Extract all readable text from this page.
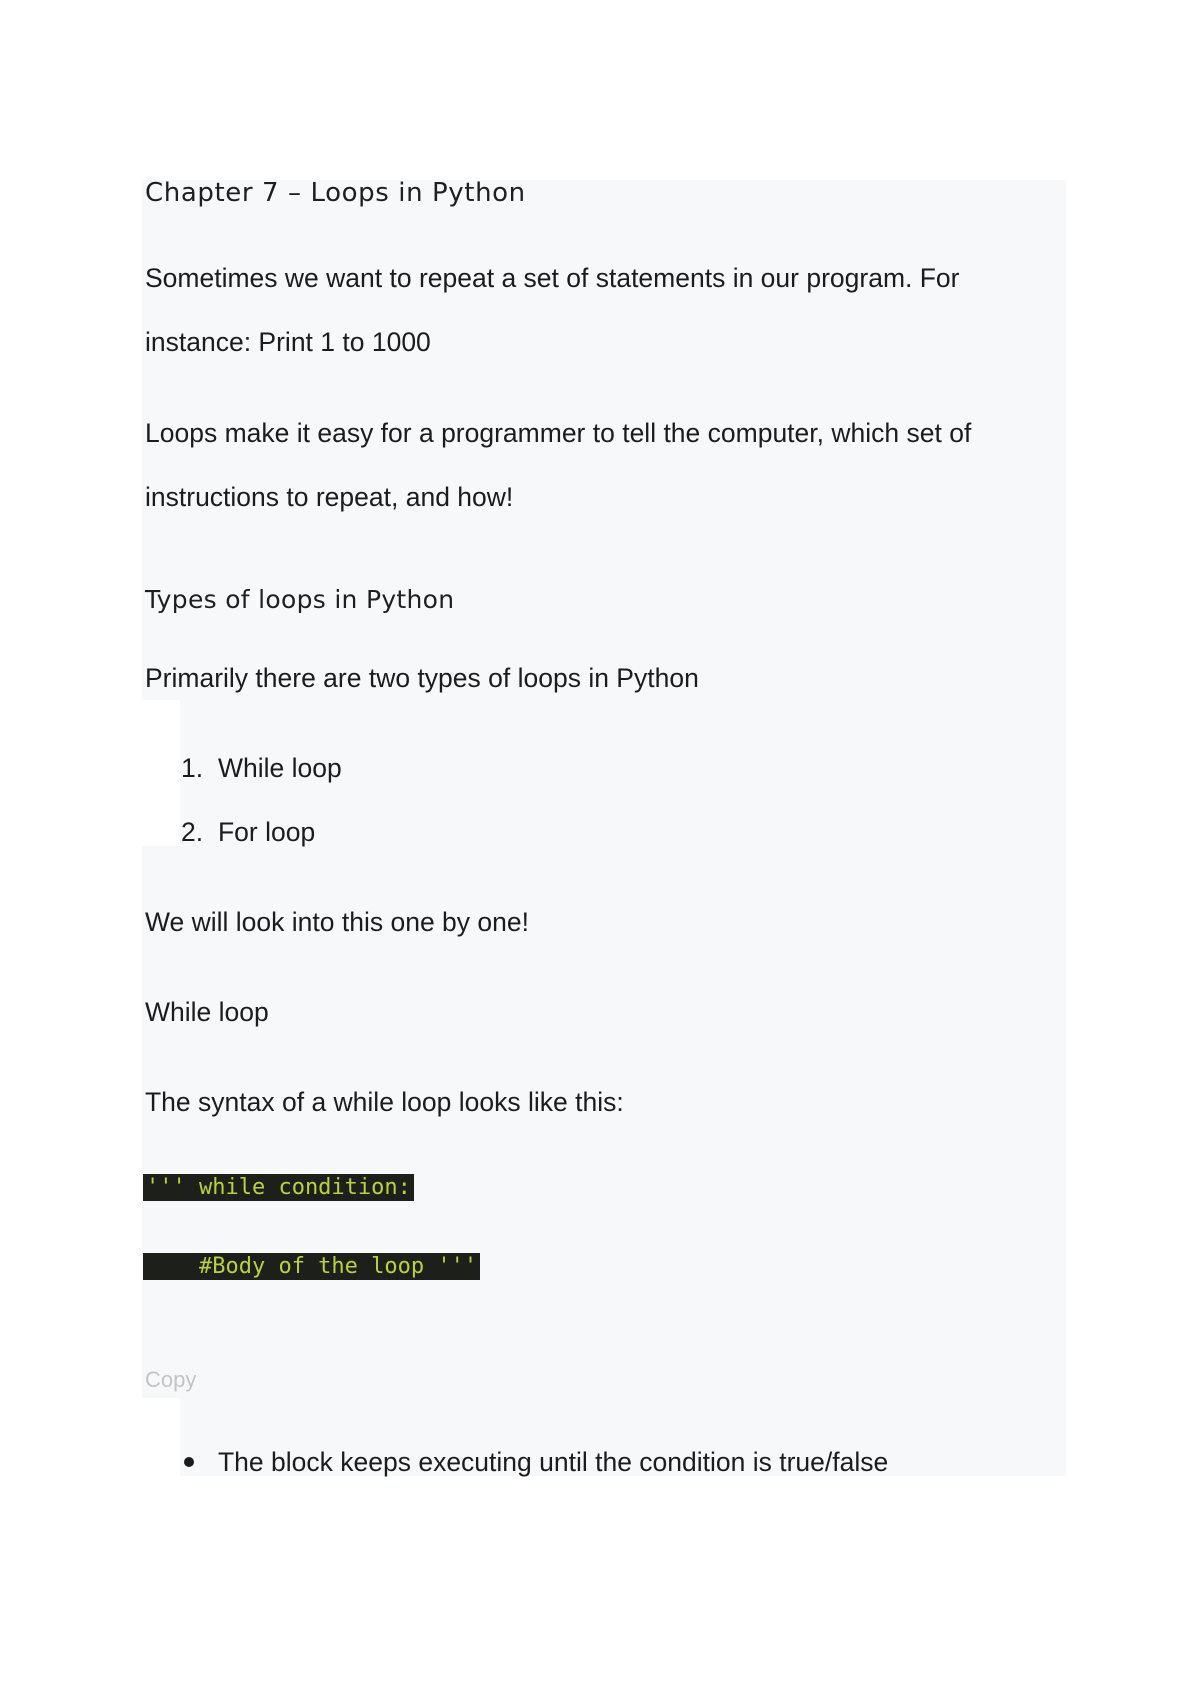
Chapter 7 – Loops in Python
Sometimes we want to repeat a set of statements in our program. For
instance: Print 1 to 1000
Loops make it easy for a programmer to tell the computer, which set of
instructions to repeat, and how!
Types of loops in Python
Primarily there are two types of loops in Python
1. While loop
2. For loop
We will look into this one by one!
While loop
The syntax of a while loop looks like this:
''' while condition:
#Body of the loop '''
Copy
The block keeps executing until the condition is true/false
